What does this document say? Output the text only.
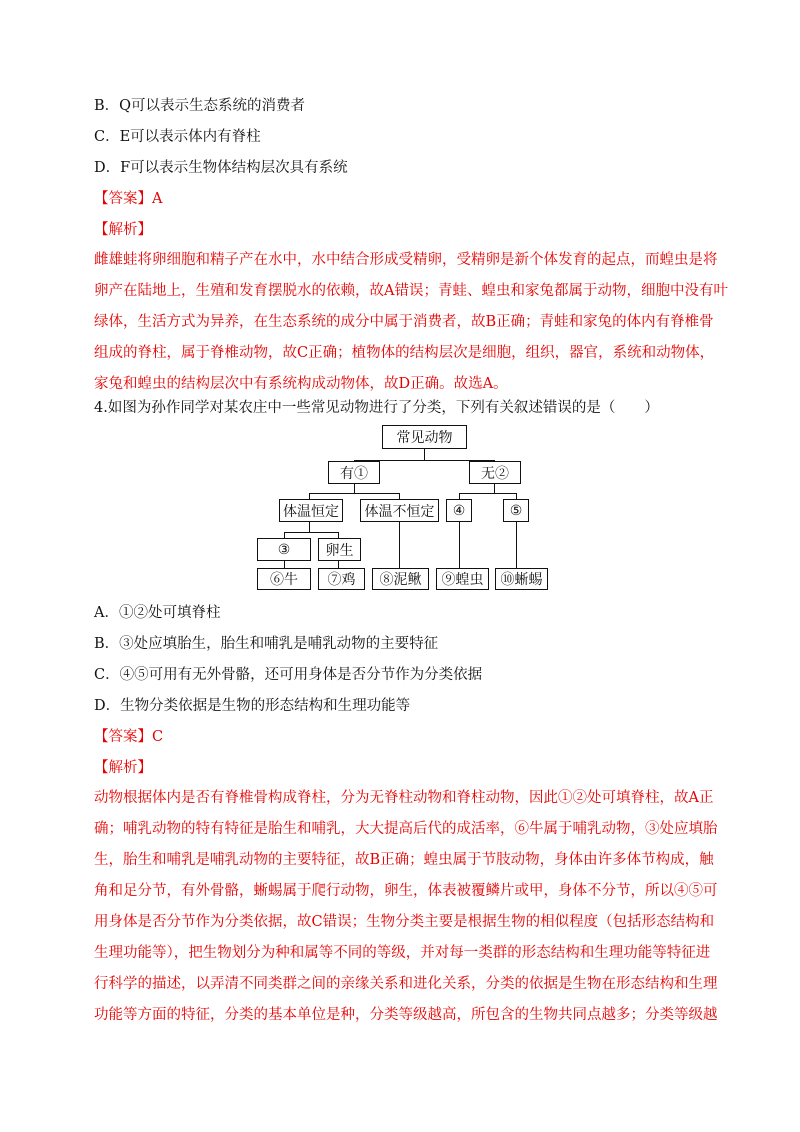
B．Q可以表示生态系统的消费者
C．E可以表示体内有脊柱
D．F可以表示生物体结构层次具有系统
【答案】A
【解析】
雌雄蛙将卵细胞和精子产在水中，水中结合形成受精卵，受精卵是新个体发育的起点，而蝗虫是将
卵产在陆地上，生殖和发育摆脱水的依赖，故A错误；青蛙、蝗虫和家兔都属于动物，细胞中没有叶
绿体，生活方式为异养，在生态系统的成分中属于消费者，故B正确；青蛙和家兔的体内有脊椎骨
组成的脊柱，属于脊椎动物，故C正确；植物体的结构层次是细胞，组织，器官，系统和动物体，
家兔和蝗虫的结构层次中有系统构成动物体，故D正确。故选A。
4.如图为孙作同学对某农庄中一些常见动物进行了分类，下列有关叙述错误的是（　　）
常见动物
有①	无②
体温恒定	体温不恒定	④	⑤
③	卵生
⑥牛	⑦鸡	⑧泥鳅	⑨蝗虫	⑩蜥蜴
A．①②处可填脊柱
B．③处应填胎生，胎生和哺乳是哺乳动物的主要特征
C．④⑤可用有无外骨骼，还可用身体是否分节作为分类依据
D．生物分类依据是生物的形态结构和生理功能等
【答案】C
【解析】
动物根据体内是否有脊椎骨构成脊柱，分为无脊柱动物和脊柱动物，因此①②处可填脊柱，故A正
确；哺乳动物的特有特征是胎生和哺乳，大大提高后代的成活率，⑥牛属于哺乳动物，③处应填胎
生，胎生和哺乳是哺乳动物的主要特征，故B正确；蝗虫属于节肢动物，身体由许多体节构成，触
角和足分节，有外骨骼，蜥蜴属于爬行动物，卵生，体表被覆鳞片或甲，身体不分节，所以④⑤可
用身体是否分节作为分类依据，故C错误；生物分类主要是根据生物的相似程度（包括形态结构和
生理功能等），把生物划分为种和属等不同的等级，并对每一类群的形态结构和生理功能等特征进
行科学的描述，以弄清不同类群之间的亲缘关系和进化关系，分类的依据是生物在形态结构和生理
功能等方面的特征，分类的基本单位是种，分类等级越高，所包含的生物共同点越多；分类等级越
